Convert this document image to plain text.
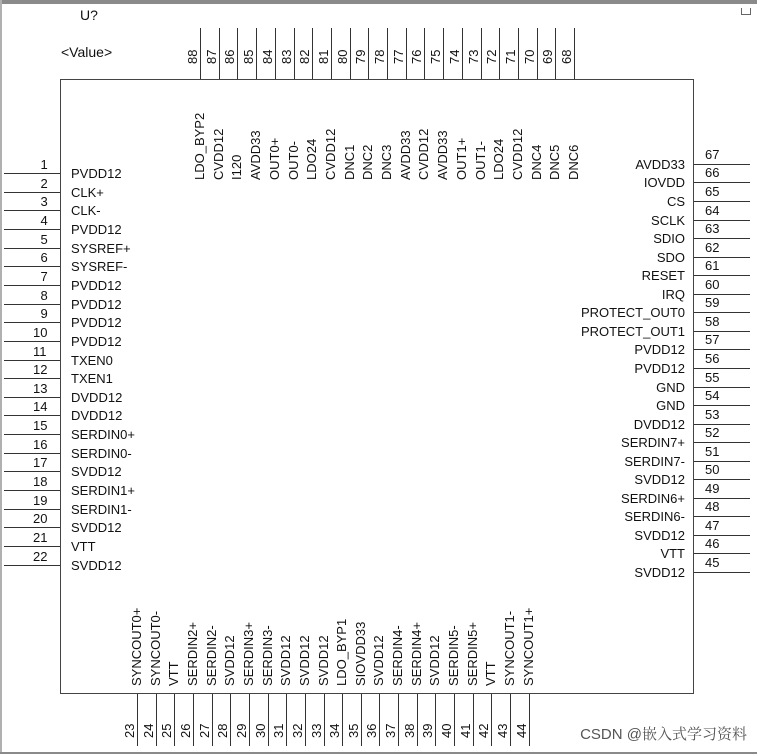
U?
<Value>
1
PVDD12
2
CLK+
3
CLK-
4
PVDD12
5
SYSREF+
6
SYSREF-
7
PVDD12
8
PVDD12
9
PVDD12
10
PVDD12
11
TXEN0
12
TXEN1
13
DVDD12
14
DVDD12
15
SERDIN0+
16
SERDIN0-
17
SVDD12
18
SERDIN1+
19
SERDIN1-
20
SVDD12
21
VTT
22
SVDD12	45
SVDD12
46
VTT
47
SVDD12
48
SERDIN6-
49
SERDIN6+
50
SVDD12
51
SERDIN7-
52
SERDIN7+
53
DVDD12
54
GND
55
GND
56
PVDD12
57
PVDD12
58
PROTECT_OUT1
59
PROTECT_OUT0
60
IRQ
61
RESET
62
SDO
63
SDIO
64
SCLK
65
CS
66
IOVDD
67
AVDD33
68
DNC6
69
DNC5
70
DNC4
71
CVDD12
72
LDO24
73
OUT1-
74
OUT1+
75
AVDD33
76
CVDD12
77
AVDD33
78
DNC3
79
DNC2
80
DNC1
81
CVDD12
82
LDO24
83
OUT0-
84
OUT0+
85
AVDD33
86
I120
87
CVDD12
88
LDO_BYP2
23
SYNCOUT0+
24
SYNCOUT0-
25
VTT
26
SERDIN2+
27
SERDIN2-
28
SVDD12
29
SERDIN3+
30
SERDIN3-
31
SVDD12
32
SVDD12
33
SVDD12
34
LDO_BYP1
35
SIOVDD33
36
SVDD12
37
SERDIN4-
38
SERDIN4+
39
SVDD12
40
SERDIN5-
41
SERDIN5+
42
VTT
43
SYNCOUT1-
44
SYNCOUT1+
CSDN @嵌入式学习资料
